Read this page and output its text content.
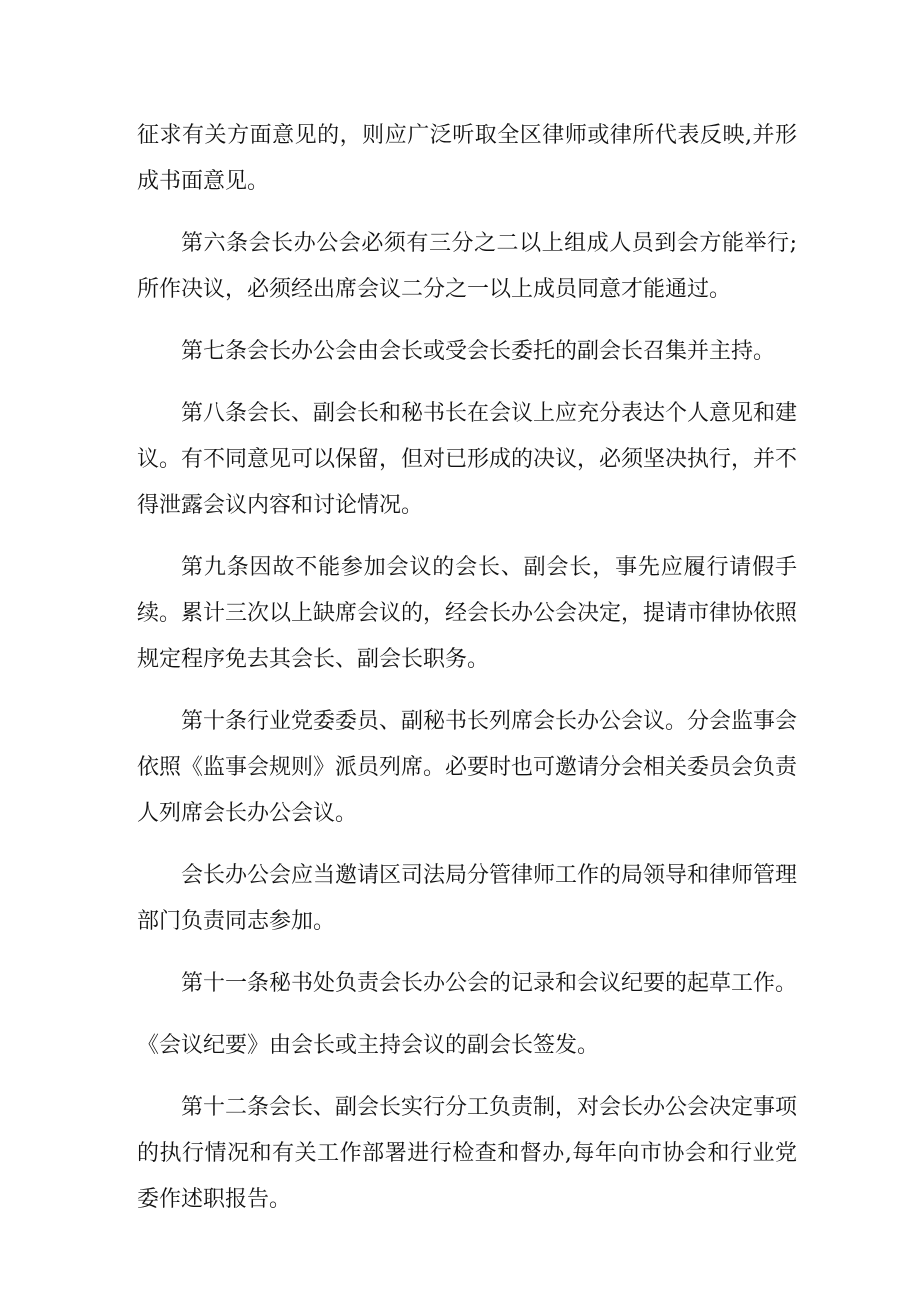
征求有关方面意见的，则应广泛听取全区律师或律所代表反映,并形成书面意见。

第六条会长办公会必须有三分之二以上组成人员到会方能举行;所作决议，必须经出席会议二分之一以上成员同意才能通过。

第七条会长办公会由会长或受会长委托的副会长召集并主持。

第八条会长、副会长和秘书长在会议上应充分表达个人意见和建议。有不同意见可以保留，但对已形成的决议，必须坚决执行，并不得泄露会议内容和讨论情况。

第九条因故不能参加会议的会长、副会长，事先应履行请假手续。累计三次以上缺席会议的，经会长办公会决定，提请市律协依照规定程序免去其会长、副会长职务。

第十条行业党委委员、副秘书长列席会长办公会议。分会监事会依照《监事会规则》派员列席。必要时也可邀请分会相关委员会负责人列席会长办公会议。

会长办公会应当邀请区司法局分管律师工作的局领导和律师管理部门负责同志参加。

第十一条秘书处负责会长办公会的记录和会议纪要的起草工作。

《会议纪要》由会长或主持会议的副会长签发。

第十二条会长、副会长实行分工负责制，对会长办公会决定事项的执行情况和有关工作部署进行检查和督办,每年向市协会和行业党委作述职报告。
